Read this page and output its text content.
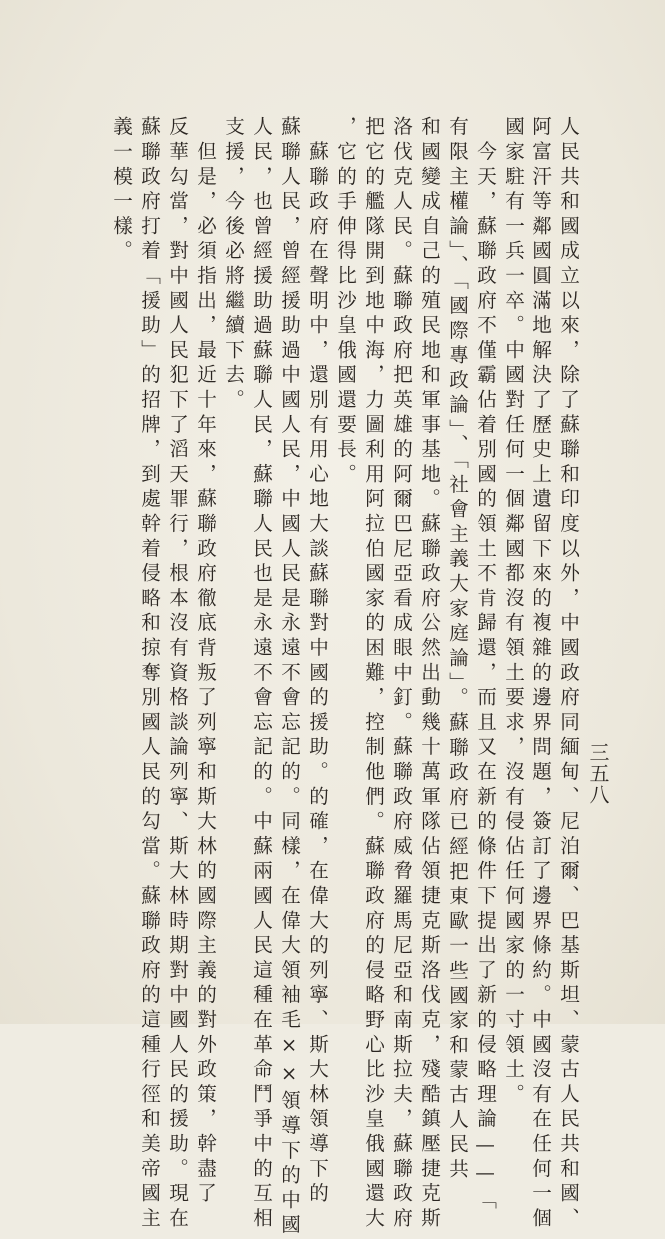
三五八
人民共和國成立以來，除了蘇聯和印度以外，中國政府同緬甸、尼泊爾、巴基斯坦、蒙古人民共和國、
阿富汗等鄰國圓滿地解決了歷史上遺留下來的複雜的邊界問題，簽訂了邊界條約。中國沒有在任何一個
國家駐有一兵一卒。中國對任何一個鄰國都沒有領土要求，沒有侵佔任何國家的一寸領土。
　今天，蘇聯政府不僅霸佔着別國的領土不肯歸還，而且又在新的條件下提出了新的侵略理論——「
有限主權論」、「國際專政論」、「社會主義大家庭論」。蘇聯政府已經把東歐一些國家和蒙古人民共
和國變成自己的殖民地和軍事基地。蘇聯政府公然出動幾十萬軍隊佔領捷克斯洛伐克，殘酷鎮壓捷克斯
洛伐克人民。蘇聯政府把英雄的阿爾巴尼亞看成眼中釘。蘇聯政府威脅羅馬尼亞和南斯拉夫，蘇聯政府
把它的艦隊開到地中海，力圖利用阿拉伯國家的困難，控制他們。蘇聯政府的侵略野心比沙皇俄國還大
，它的手伸得比沙皇俄國還要長。
　蘇聯政府在聲明中，還別有用心地大談蘇聯對中國的援助。的確，在偉大的列寧、斯大林領導下的
蘇聯人民，曾經援助過中國人民，中國人民是永遠不會忘記的。同樣，在偉大領袖毛××領導下的中國
人民，也曾經援助過蘇聯人民，蘇聯人民也是永遠不會忘記的。中蘇兩國人民這種在革命鬥爭中的互相
支援，今後必將繼續下去。
　但是，必須指出，最近十年來，蘇聯政府徹底背叛了列寧和斯大林的國際主義的對外政策，幹盡了
反華勾當，對中國人民犯下了滔天罪行，根本沒有資格談論列寧、斯大林時期對中國人民的援助。現在
蘇聯政府打着「援助」的招牌，到處幹着侵略和掠奪別國人民的勾當。蘇聯政府的這種行徑和美帝國主
義一模一樣。
